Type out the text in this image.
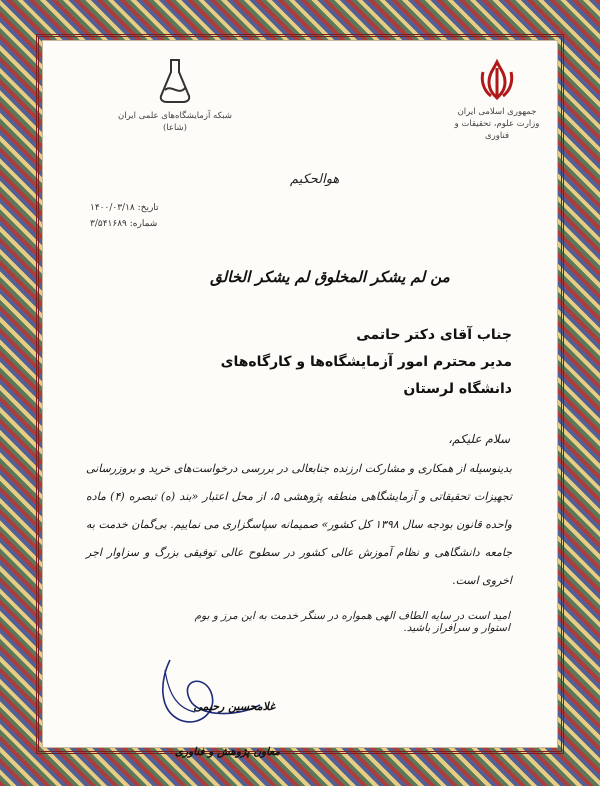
جمهوری اسلامی ایران
وزارت علوم، تحقیقات و فناوری
شبکه آزمایشگاه‌های علمی ایران (شاعا)
هوالحکیم
تاریخ: ۱۴۰۰/۰۳/۱۸
شماره: ۳/۵۴۱۶۸۹
من لم یشکر المخلوق لم یشکر الخالق
جناب آقای دکتر حاتمی
مدیر محترم امور آزمایشگاه‌ها و کارگاه‌های دانشگاه لرستان
سلام علیکم،
بدینوسیله از همکاری و مشارکت ارزنده جنابعالی در بررسی درخواست‌های خرید و بروزرسانی تجهیزات تحقیقاتی و آزمایشگاهی منطقه پژوهشی ۵، از محل اعتبار «بند (ه) تبصره (۴) ماده واحده قانون بودجه سال ۱۳۹۸ کل کشور» صمیمانه سپاسگزاری می نماییم. بی‌گمان خدمت به جامعه دانشگاهی و نظام آموزش عالی کشور در سطوح عالی توفیقی بزرگ و سزاوار اجر اخروی است.
امید است در سایه الطاف الهی همواره در سنگر خدمت به این مرز و بوم استوار و سرافراز باشید.
غلامحسین رحیمی
معاون پژوهش و فناوری
